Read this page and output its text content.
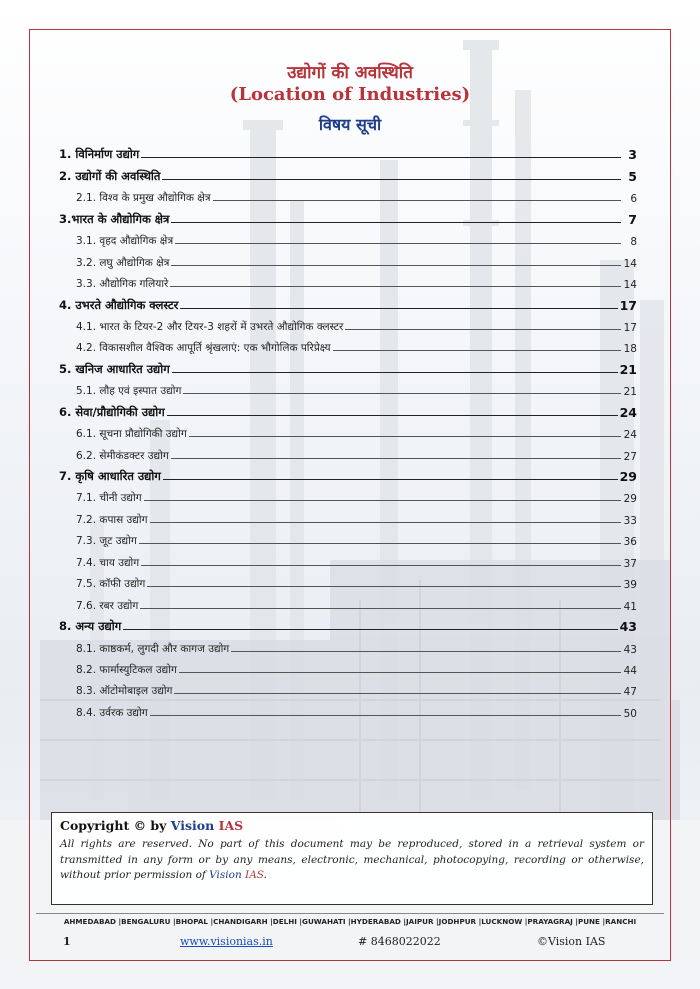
उद्योगों की अवस्थिति
(Location of Industries)
विषय सूची
1. विनिर्माण उद्योग	3
2. उद्योगों की अवस्थिति	5
2.1. विश्व के प्रमुख औद्योगिक क्षेत्र	6
3.भारत के औद्योगिक क्षेत्र	7
3.1. वृहद औद्योगिक क्षेत्र	8
3.2. लघु औद्योगिक क्षेत्र	14
3.3. औद्योगिक गलियारे	14
4. उभरते औद्योगिक क्लस्टर	17
4.1. भारत के टियर-2 और टियर-3 शहरों में उभरते औद्योगिक क्लस्टर	17
4.2. विकासशील वैश्विक आपूर्ति श्रृंखलाएं: एक भौगोलिक परिप्रेक्ष्य	18
5. खनिज आधारित उद्योग	21
5.1. लौह एवं इस्पात उद्योग	21
6. सेवा/प्रौद्योगिकी उद्योग	24
6.1. सूचना प्रौद्योगिकी उद्योग	24
6.2. सेमीकंडक्टर उद्योग	27
7. कृषि आधारित उद्योग	29
7.1. चीनी उद्योग	29
7.2. कपास उद्योग	33
7.3. जूट उद्योग	36
7.4. चाय उद्योग	37
7.5. कॉफी उद्योग	39
7.6. रबर उद्योग	41
8. अन्य उद्योग	43
8.1. काष्ठकर्म, लुगदी और कागज उद्योग	43
8.2. फार्मास्युटिकल उद्योग	44
8.3. ऑटोमोबाइल उद्योग	47
8.4. उर्वरक उद्योग	50
Copyright © by Vision IAS
All rights are reserved. No part of this document may be reproduced, stored in a retrieval system or transmitted in any form or by any means, electronic, mechanical, photocopying, recording or otherwise, without prior permission of Vision IAS.
AHMEDABAD |BENGALURU |BHOPAL |CHANDIGARH |DELHI |GUWAHATI |HYDERABAD |JAIPUR |JODHPUR |LUCKNOW |PRAYAGRAJ |PUNE |RANCHI
1	www.visionias.in	# 8468022022	©Vision IAS
